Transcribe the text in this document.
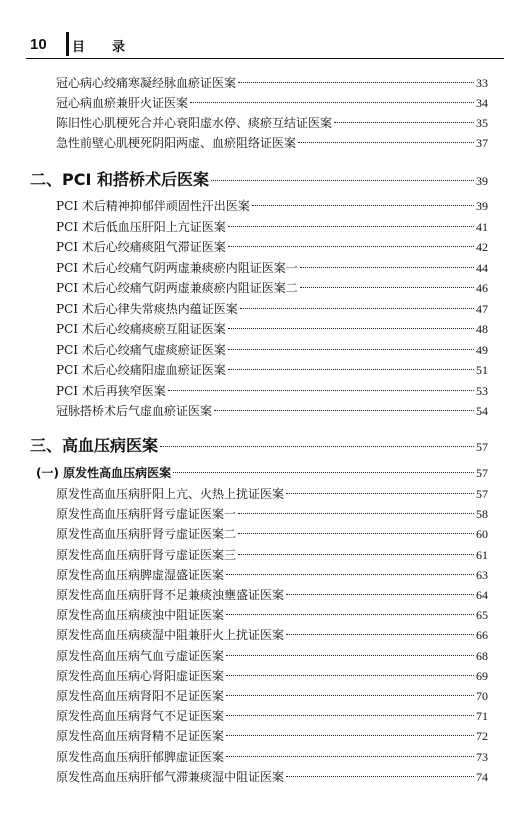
10 目 录
冠心病心绞痛寒凝经脉血瘀证医案	33
冠心病血瘀兼肝火证医案	34
陈旧性心肌梗死合并心衰阳虚水停、痰瘀互结证医案	35
急性前壁心肌梗死阴阳两虚、血瘀阻络证医案	37
二、PCI 和搭桥术后医案	39
PCI 术后精神抑郁伴顽固性汗出医案	39
PCI 术后低血压肝阳上亢证医案	41
PCI 术后心绞痛痰阻气滞证医案	42
PCI 术后心绞痛气阴两虚兼痰瘀内阻证医案一	44
PCI 术后心绞痛气阴两虚兼痰瘀内阻证医案二	46
PCI 术后心律失常痰热内蕴证医案	47
PCI 术后心绞痛痰瘀互阻证医案	48
PCI 术后心绞痛气虚痰瘀证医案	49
PCI 术后心绞痛阳虚血瘀证医案	51
PCI 术后再狭窄医案	53
冠脉搭桥术后气虚血瘀证医案	54
三、高血压病医案	57
(一) 原发性高血压病医案	57
原发性高血压病肝阳上亢、火热上扰证医案	57
原发性高血压病肝肾亏虚证医案一	58
原发性高血压病肝肾亏虚证医案二	60
原发性高血压病肝肾亏虚证医案三	61
原发性高血压病脾虚湿盛证医案	63
原发性高血压病肝肾不足兼痰浊壅盛证医案	64
原发性高血压病痰浊中阻证医案	65
原发性高血压病痰湿中阻兼肝火上扰证医案	66
原发性高血压病气血亏虚证医案	68
原发性高血压病心肾阳虚证医案	69
原发性高血压病肾阳不足证医案	70
原发性高血压病肾气不足证医案	71
原发性高血压病肾精不足证医案	72
原发性高血压病肝郁脾虚证医案	73
原发性高血压病肝郁气滞兼痰湿中阻证医案	74
